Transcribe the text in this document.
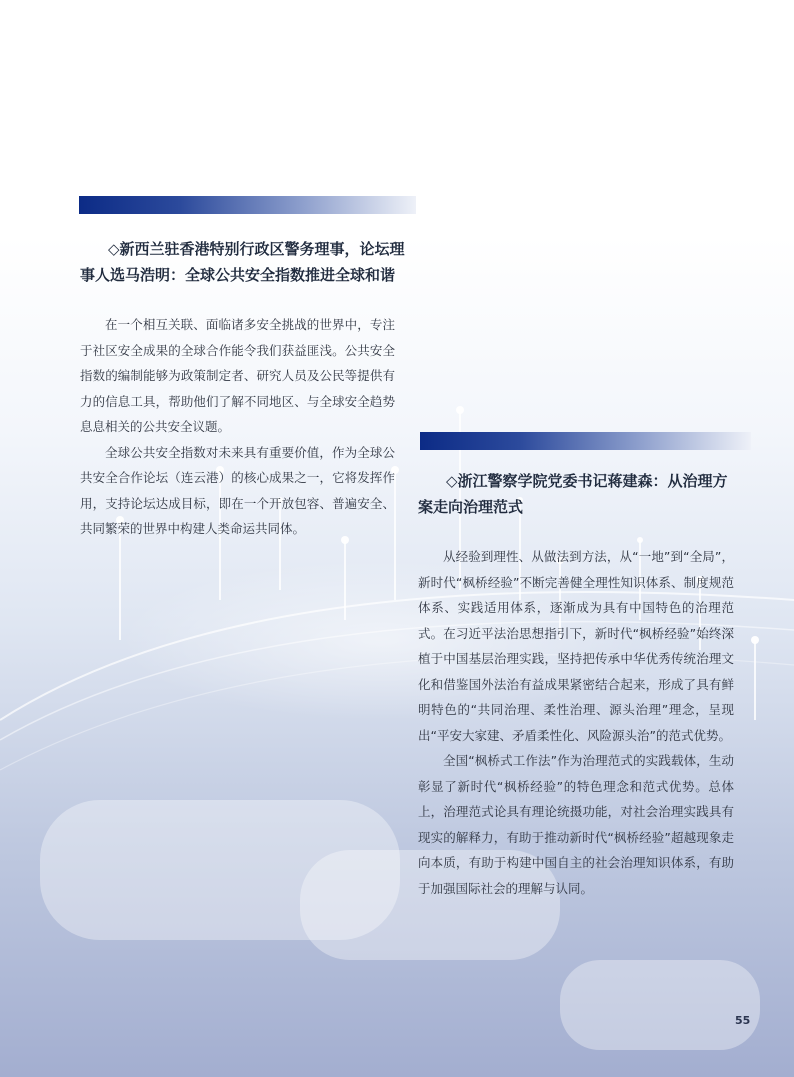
◇新西兰驻香港特别行政区警务理事，论坛理事人选马浩明：全球公共安全指数推进全球和谐

在一个相互关联、面临诸多安全挑战的世界中，专注于社区安全成果的全球合作能令我们获益匪浅。公共安全指数的编制能够为政策制定者、研究人员及公民等提供有力的信息工具，帮助他们了解不同地区、与全球安全趋势息息相关的公共安全议题。

全球公共安全指数对未来具有重要价值，作为全球公共安全合作论坛（连云港）的核心成果之一，它将发挥作用，支持论坛达成目标，即在一个开放包容、普遍安全、共同繁荣的世界中构建人类命运共同体。

◇浙江警察学院党委书记蒋建森：从治理方案走向治理范式

从经验到理性、从做法到方法，从“一地”到“全局”，新时代“枫桥经验”不断完善健全理性知识体系、制度规范体系、实践适用体系，逐渐成为具有中国特色的治理范式。在习近平法治思想指引下，新时代“枫桥经验”始终深植于中国基层治理实践，坚持把传承中华优秀传统治理文化和借鉴国外法治有益成果紧密结合起来，形成了具有鲜明特色的“共同治理、柔性治理、源头治理”理念，呈现出“平安大家建、矛盾柔性化、风险源头治”的范式优势。

全国“枫桥式工作法”作为治理范式的实践载体，生动彰显了新时代“枫桥经验”的特色理念和范式优势。总体上，治理范式论具有理论统摄功能，对社会治理实践具有现实的解释力，有助于推动新时代“枫桥经验”超越现象走向本质，有助于构建中国自主的社会治理知识体系，有助于加强国际社会的理解与认同。

55
